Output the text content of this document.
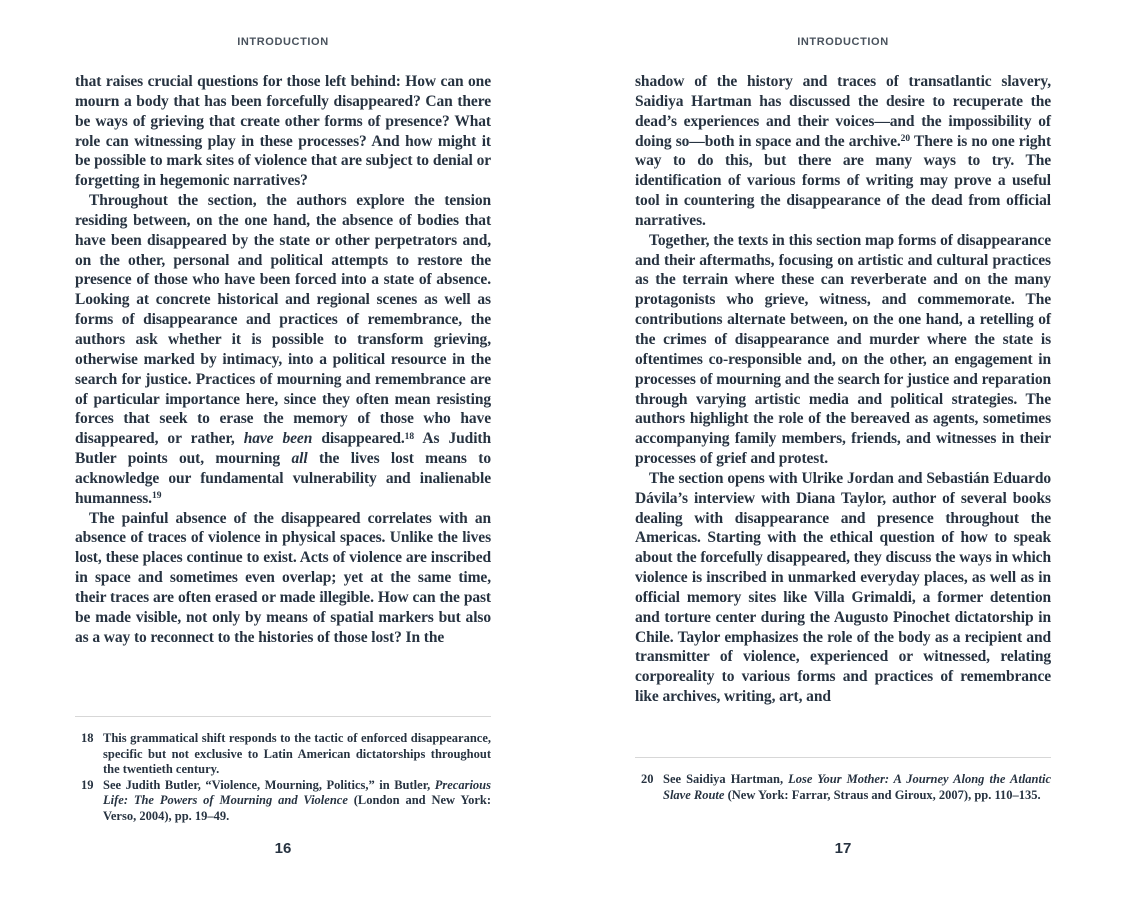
INTRODUCTION

that raises crucial questions for those left behind: How can one mourn a body that has been forcefully disappeared? Can there be ways of grieving that create other forms of presence? What role can witnessing play in these processes? And how might it be possible to mark sites of violence that are subject to denial or forgetting in hegemonic narratives?

Throughout the section, the authors explore the tension residing between, on the one hand, the absence of bodies that have been disappeared by the state or other perpetrators and, on the other, personal and political attempts to restore the presence of those who have been forced into a state of absence. Looking at concrete historical and regional scenes as well as forms of disappearance and practices of remembrance, the authors ask whether it is possible to transform grieving, otherwise marked by intimacy, into a political resource in the search for justice. Practices of mourning and remembrance are of particular importance here, since they often mean resisting forces that seek to erase the memory of those who have disappeared, or rather, have been disappeared.$^{18}$ As Judith Butler points out, mourning all the lives lost means to acknowledge our fundamental vulnerability and inalienable humanness.$^{19}$

The painful absence of the disappeared correlates with an absence of traces of violence in physical spaces. Unlike the lives lost, these places continue to exist. Acts of violence are inscribed in space and sometimes even overlap; yet at the same time, their traces are often erased or made illegible. How can the past be made visible, not only by means of spatial markers but also as a way to reconnect to the histories of those lost? In the

18 This grammatical shift responds to the tactic of enforced disappearance, specific but not exclusive to Latin American dictatorships throughout the twentieth century.
19 See Judith Butler, “Violence, Mourning, Politics,” in Butler, Precarious Life: The Powers of Mourning and Violence (London and New York: Verso, 2004), pp. 19–49.
16
INTRODUCTION

shadow of the history and traces of transatlantic slavery, Saidiya Hartman has discussed the desire to recuperate the dead’s experiences and their voices—and the impossibility of doing so—both in space and the archive.$^{20}$ There is no one right way to do this, but there are many ways to try. The identification of various forms of writing may prove a useful tool in countering the disappearance of the dead from official narratives.

Together, the texts in this section map forms of disappearance and their aftermaths, focusing on artistic and cultural practices as the terrain where these can reverberate and on the many protagonists who grieve, witness, and commemorate. The contributions alternate between, on the one hand, a retelling of the crimes of disappearance and murder where the state is oftentimes co-responsible and, on the other, an engagement in processes of mourning and the search for justice and reparation through varying artistic media and political strategies. The authors highlight the role of the bereaved as agents, sometimes accompanying family members, friends, and witnesses in their processes of grief and protest.

The section opens with Ulrike Jordan and Sebastián Eduardo Dávila’s interview with Diana Taylor, author of several books dealing with disappearance and presence throughout the Americas. Starting with the ethical question of how to speak about the forcefully disappeared, they discuss the ways in which violence is inscribed in unmarked everyday places, as well as in official memory sites like Villa Grimaldi, a former detention and torture center during the Augusto Pinochet dictatorship in Chile. Taylor emphasizes the role of the body as a recipient and transmitter of violence, experienced or witnessed, relating corporeality to various forms and practices of remembrance like archives, writing, art, and

20 See Saidiya Hartman, Lose Your Mother: A Journey Along the Atlantic Slave Route (New York: Farrar, Straus and Giroux, 2007), pp. 110–135.
17
